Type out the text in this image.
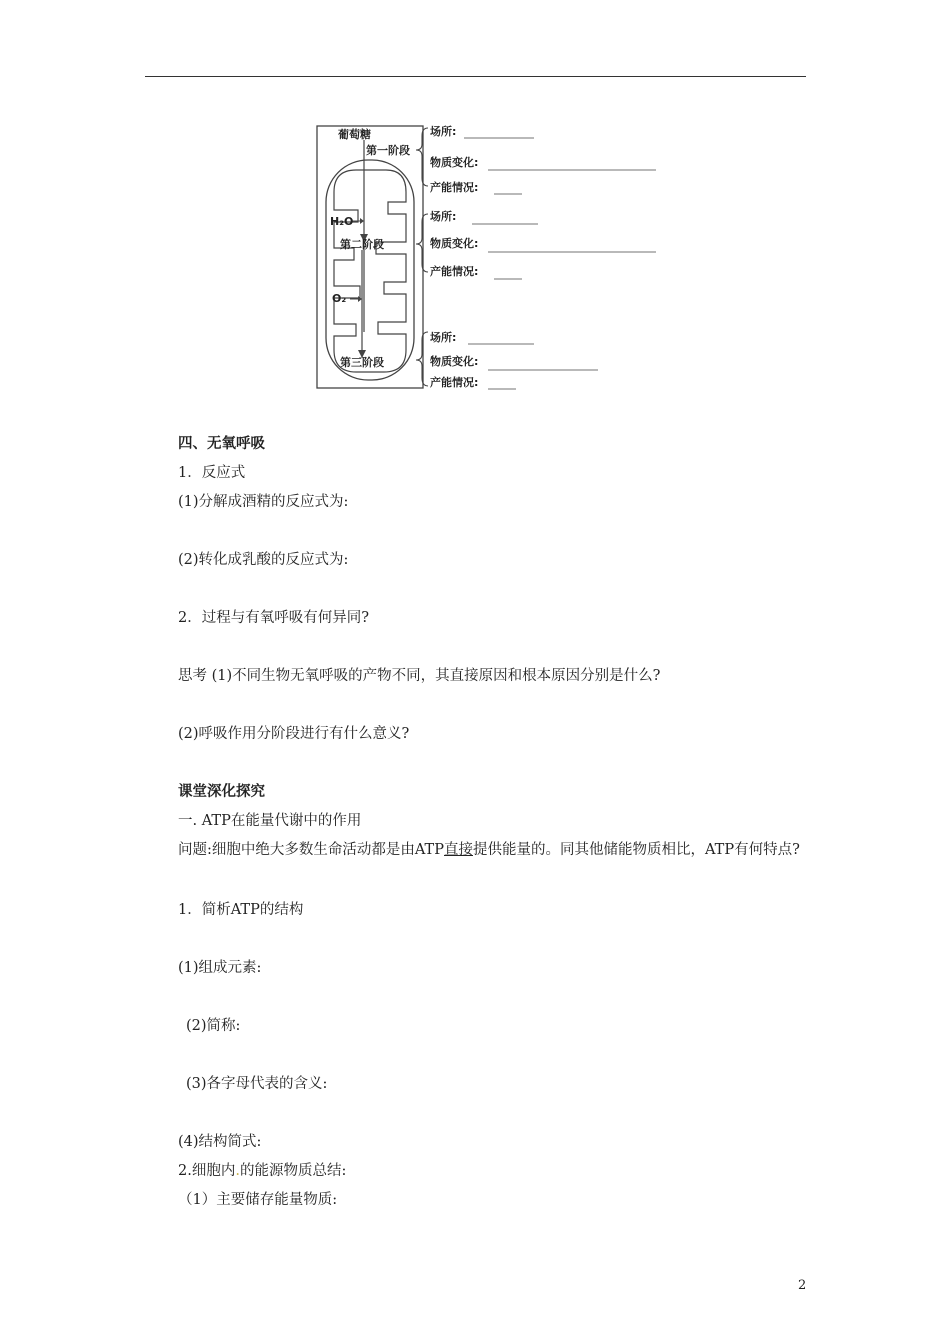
葡萄糖
第一阶段
H₂O
第二阶段
O₂
第三阶段
场所:
物质变化:
产能情况:
场所:
物质变化:
产能情况:
场所:
物质变化:
产能情况:
四、无氧呼吸
1．反应式
(1)分解成酒精的反应式为:
(2)转化成乳酸的反应式为:
2．过程与有氧呼吸有何异同?
思考 (1)不同生物无氧呼吸的产物不同，其直接原因和根本原因分别是什么?
(2)呼吸作用分阶段进行有什么意义?
课堂深化探究
一. ATP在能量代谢中的作用
问题:细胞中绝大多数生命活动都是由ATP直接提供能量的。同其他储能物质相比，ATP有何特点?
1．简析ATP的结构
(1)组成元素:
(2)简称:
(3)各字母代表的含义:
(4)结构简式:
2.细胞内.的能源物质总结:
（1）主要储存能量物质:
2
